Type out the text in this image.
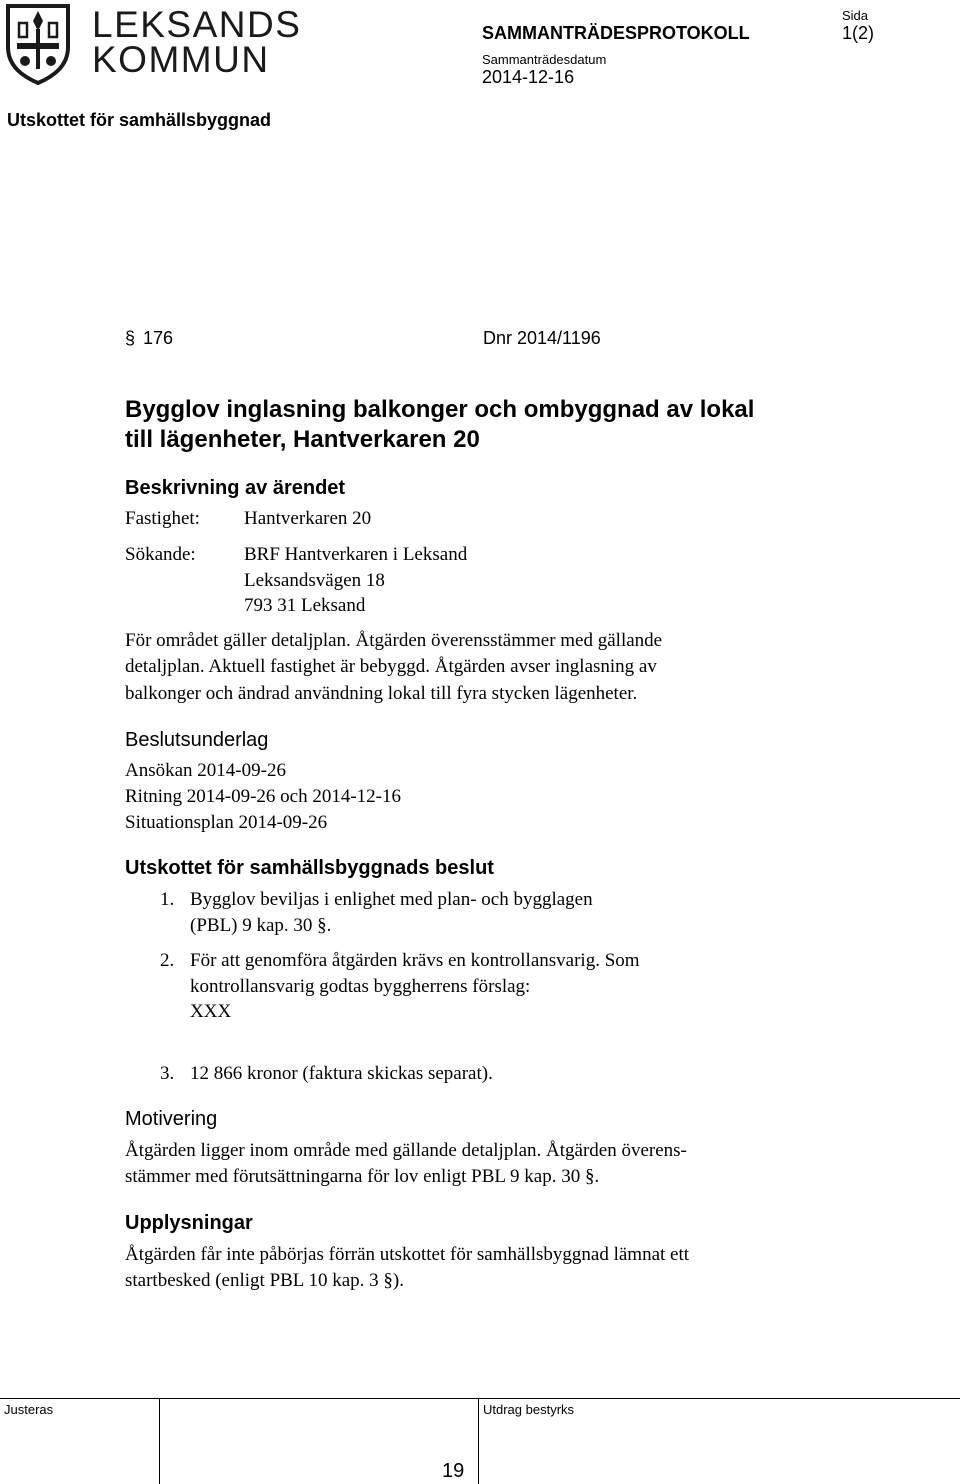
LEKSANDS
KOMMUN
SAMMANTRÄDESPROTOKOLL
Sida
1(2)
Sammanträdesdatum
2014-12-16
Utskottet för samhällsbyggnad
§ 176	Dnr 2014/1196
Bygglov inglasning balkonger och ombyggnad av lokal
till lägenheter, Hantverkaren 20
Beskrivning av ärendet
Fastighet: Hantverkaren 20
Sökande:	BRF Hantverkaren i Leksand
Leksandsvägen 18
793 31 Leksand
För området gäller detaljplan. Åtgärden överensstämmer med gällande
detaljplan. Aktuell fastighet är bebyggd. Åtgärden avser inglasning av
balkonger och ändrad användning lokal till fyra stycken lägenheter.
Beslutsunderlag
Ansökan 2014-09-26
Ritning 2014-09-26 och 2014-12-16
Situationsplan 2014-09-26
Utskottet för samhällsbyggnads beslut
1. Bygglov beviljas i enlighet med plan- och bygglagen
(PBL) 9 kap. 30 §.
2. För att genomföra åtgärden krävs en kontrollansvarig. Som
kontrollansvarig godtas byggherrens förslag:
XXX
3. 12 866 kronor (faktura skickas separat).
Motivering
Åtgärden ligger inom område med gällande detaljplan. Åtgärden överens-
stämmer med förutsättningarna för lov enligt PBL 9 kap. 30 §.
Upplysningar
Åtgärden får inte påbörjas förrän utskottet för samhällsbyggnad lämnat ett
startbesked (enligt PBL 10 kap. 3 §).
Justeras	Utdrag bestyrks
19
